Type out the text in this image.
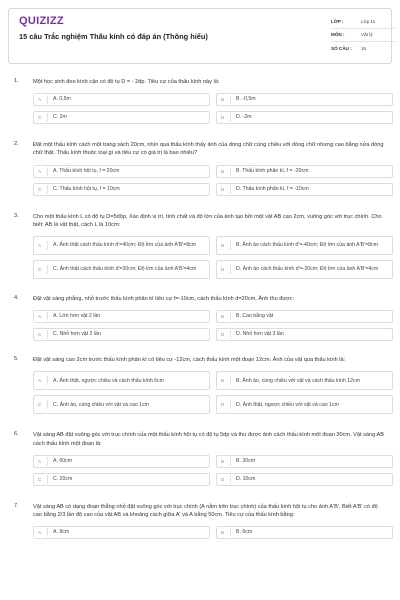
QUIZIZZ
15 câu Trắc nghiệm Thấu kính có đáp án (Thông hiểu)
LỚP :	Lớp 11
MÔN :	Vật lý
SỐ CÂU :	15
1.	Một học sinh đeo kính cận có độ tụ D = - 2dp. Tiêu cự của thấu kính này là:
A	A. 0,5m	B	B. -0,5m
C	C. 2m	D	D. -2m
2.	Đặt một thấu kính cách một trang sách 20cm, nhìn qua thấu kính thấy ảnh của dòng chữ cùng chiều với dòng chữ nhưng cao bằng nửa dòng chữ thật. Thấu kính thuộc loại gì và tiêu cự có giá trị là bao nhiêu?
A	A. Thấu kính hội tụ, f = 20cm	B	B. Thấu kính phân kì, f = -20cm
C	C. Thấu kính hội tụ, f = 10cm	D	D. Thấu kính phân kì, f = -10cm
3.	Cho một thấu kính L có độ tụ D=5dôp. Xác định vị trí, tính chất và độ lớn của ảnh tạo bởi một vật AB cao 2cm, vuông góc với trục chính. Cho biết: AB là vật thật, cách L là 10cm:
A	A. Ảnh thật cách thấu kính d'=40cm; Độ lớn của ảnh A'B'=8cm	B	B. Ảnh ảo cách thấu kính d'=-40cm; Độ lớn của ảnh A'B'=8cm
C	C. Ảnh thật cách thấu kính d'=20cm; Độ lớn của ảnh A'B'=4cm	D	D. Ảnh ảo cách thấu kính d'=-20cm; Độ lớn của ảnh A'B'=4cm
4.	Đặt vật sáng phẳng, nhỏ trước thấu kính phân kì tiêu cự f=-10cm, cách thấu kính d=20cm. Ảnh thu được:
A	A. Lớn hơn vật 2 lần	B	B. Cao bằng vật
C	C. Nhỏ hơn vật 2 lần	D	D. Nhỏ hơn vật 3 lần
5.	Đặt vật sáng cao 2cm trước thấu kính phân kì có tiêu cự -12cm, cách thấu kính một đoạn 12cm. Ảnh của vật qua thấu kính là:
A	A. Ảnh thật, ngược chiều và cách thấu kính 6cm	B	B. Ảnh ảo, cùng chiều với vật và cách thấu kính 12cm
C	C. Ảnh ảo, cùng chiều với vật và cao 1cm	D	D. Ảnh thật, ngược chiều với vật và cao 1cm
6.	Vật sáng AB đặt vuông góc với trục chính của một thấu kính hội tụ có độ tụ 5dp và thu được ảnh cách thấu kính một đoạn 30cm. Vật sáng AB cách thấu kính một đoạn là:
A	A. 60cm	B	B. 30cm
C	C. 20cm	D	D. 10cm
7.	Vật sáng AB có dạng đoạn thẳng nhỏ đặt vuông góc với trục chính (A nằm trên trục chính) của thấu kính hội tụ cho ảnh A'B'. Biết A'B' có độ cao bằng 2/3 lần độ cao của vật AB và khoảng cách giữa A' và A bằng 50cm. Tiêu cự của thấu kính bằng:
A	A. 9cm	B	B. 6cm
